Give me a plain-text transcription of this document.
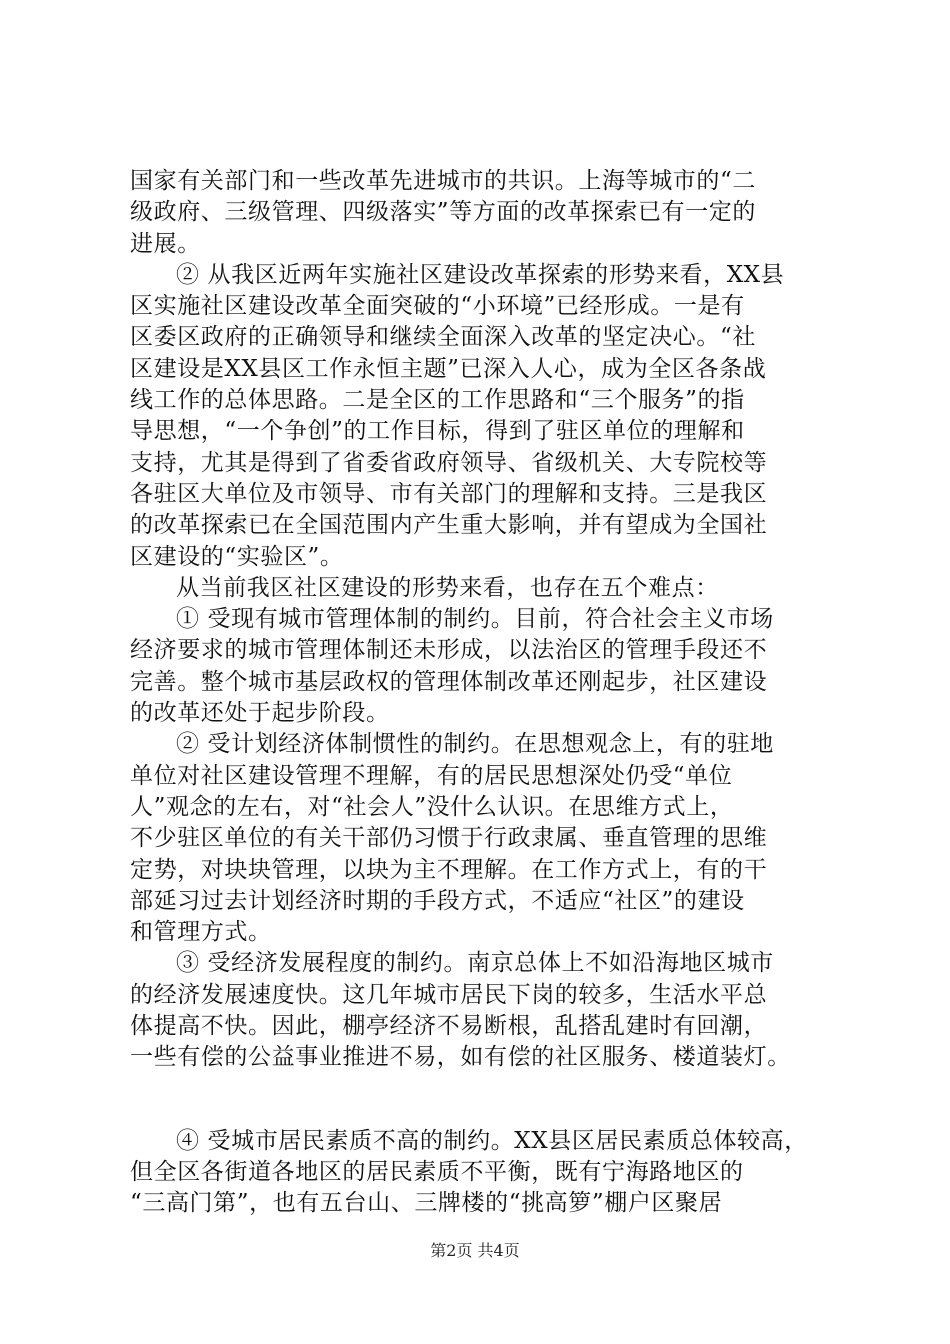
国家有关部门和一些改革先进城市的共识。上海等城市的“二
级政府、三级管理、四级落实”等方面的改革探索已有一定的
进展。
② 从我区近两年实施社区建设改革探索的形势来看，XX县
区实施社区建设改革全面突破的“小环境”已经形成。一是有
区委区政府的正确领导和继续全面深入改革的坚定决心。“社
区建设是XX县区工作永恒主题”已深入人心，成为全区各条战
线工作的总体思路。二是全区的工作思路和“三个服务”的指
导思想，“一个争创”的工作目标，得到了驻区单位的理解和
支持，尤其是得到了省委省政府领导、省级机关、大专院校等
各驻区大单位及市领导、市有关部门的理解和支持。三是我区
的改革探索已在全国范围内产生重大影响，并有望成为全国社
区建设的“实验区”。
从当前我区社区建设的形势来看，也存在五个难点：
① 受现有城市管理体制的制约。目前，符合社会主义市场
经济要求的城市管理体制还未形成，以法治区的管理手段还不
完善。整个城市基层政权的管理体制改革还刚起步，社区建设
的改革还处于起步阶段。
② 受计划经济体制惯性的制约。在思想观念上，有的驻地
单位对社区建设管理不理解，有的居民思想深处仍受“单位
人”观念的左右，对“社会人”没什么认识。在思维方式上，
不少驻区单位的有关干部仍习惯于行政隶属、垂直管理的思维
定势，对块块管理，以块为主不理解。在工作方式上，有的干
部延习过去计划经济时期的手段方式，不适应“社区”的建设
和管理方式。
③ 受经济发展程度的制约。南京总体上不如沿海地区城市
的经济发展速度快。这几年城市居民下岗的较多，生活水平总
体提高不快。因此，棚亭经济不易断根，乱搭乱建时有回潮，
一些有偿的公益事业推进不易，如有偿的社区服务、楼道装灯。
④ 受城市居民素质不高的制约。XX县区居民素质总体较高，
但全区各街道各地区的居民素质不平衡，既有宁海路地区的
“三高门第”，也有五台山、三牌楼的“挑高箩”棚户区聚居
第2页 共4页
